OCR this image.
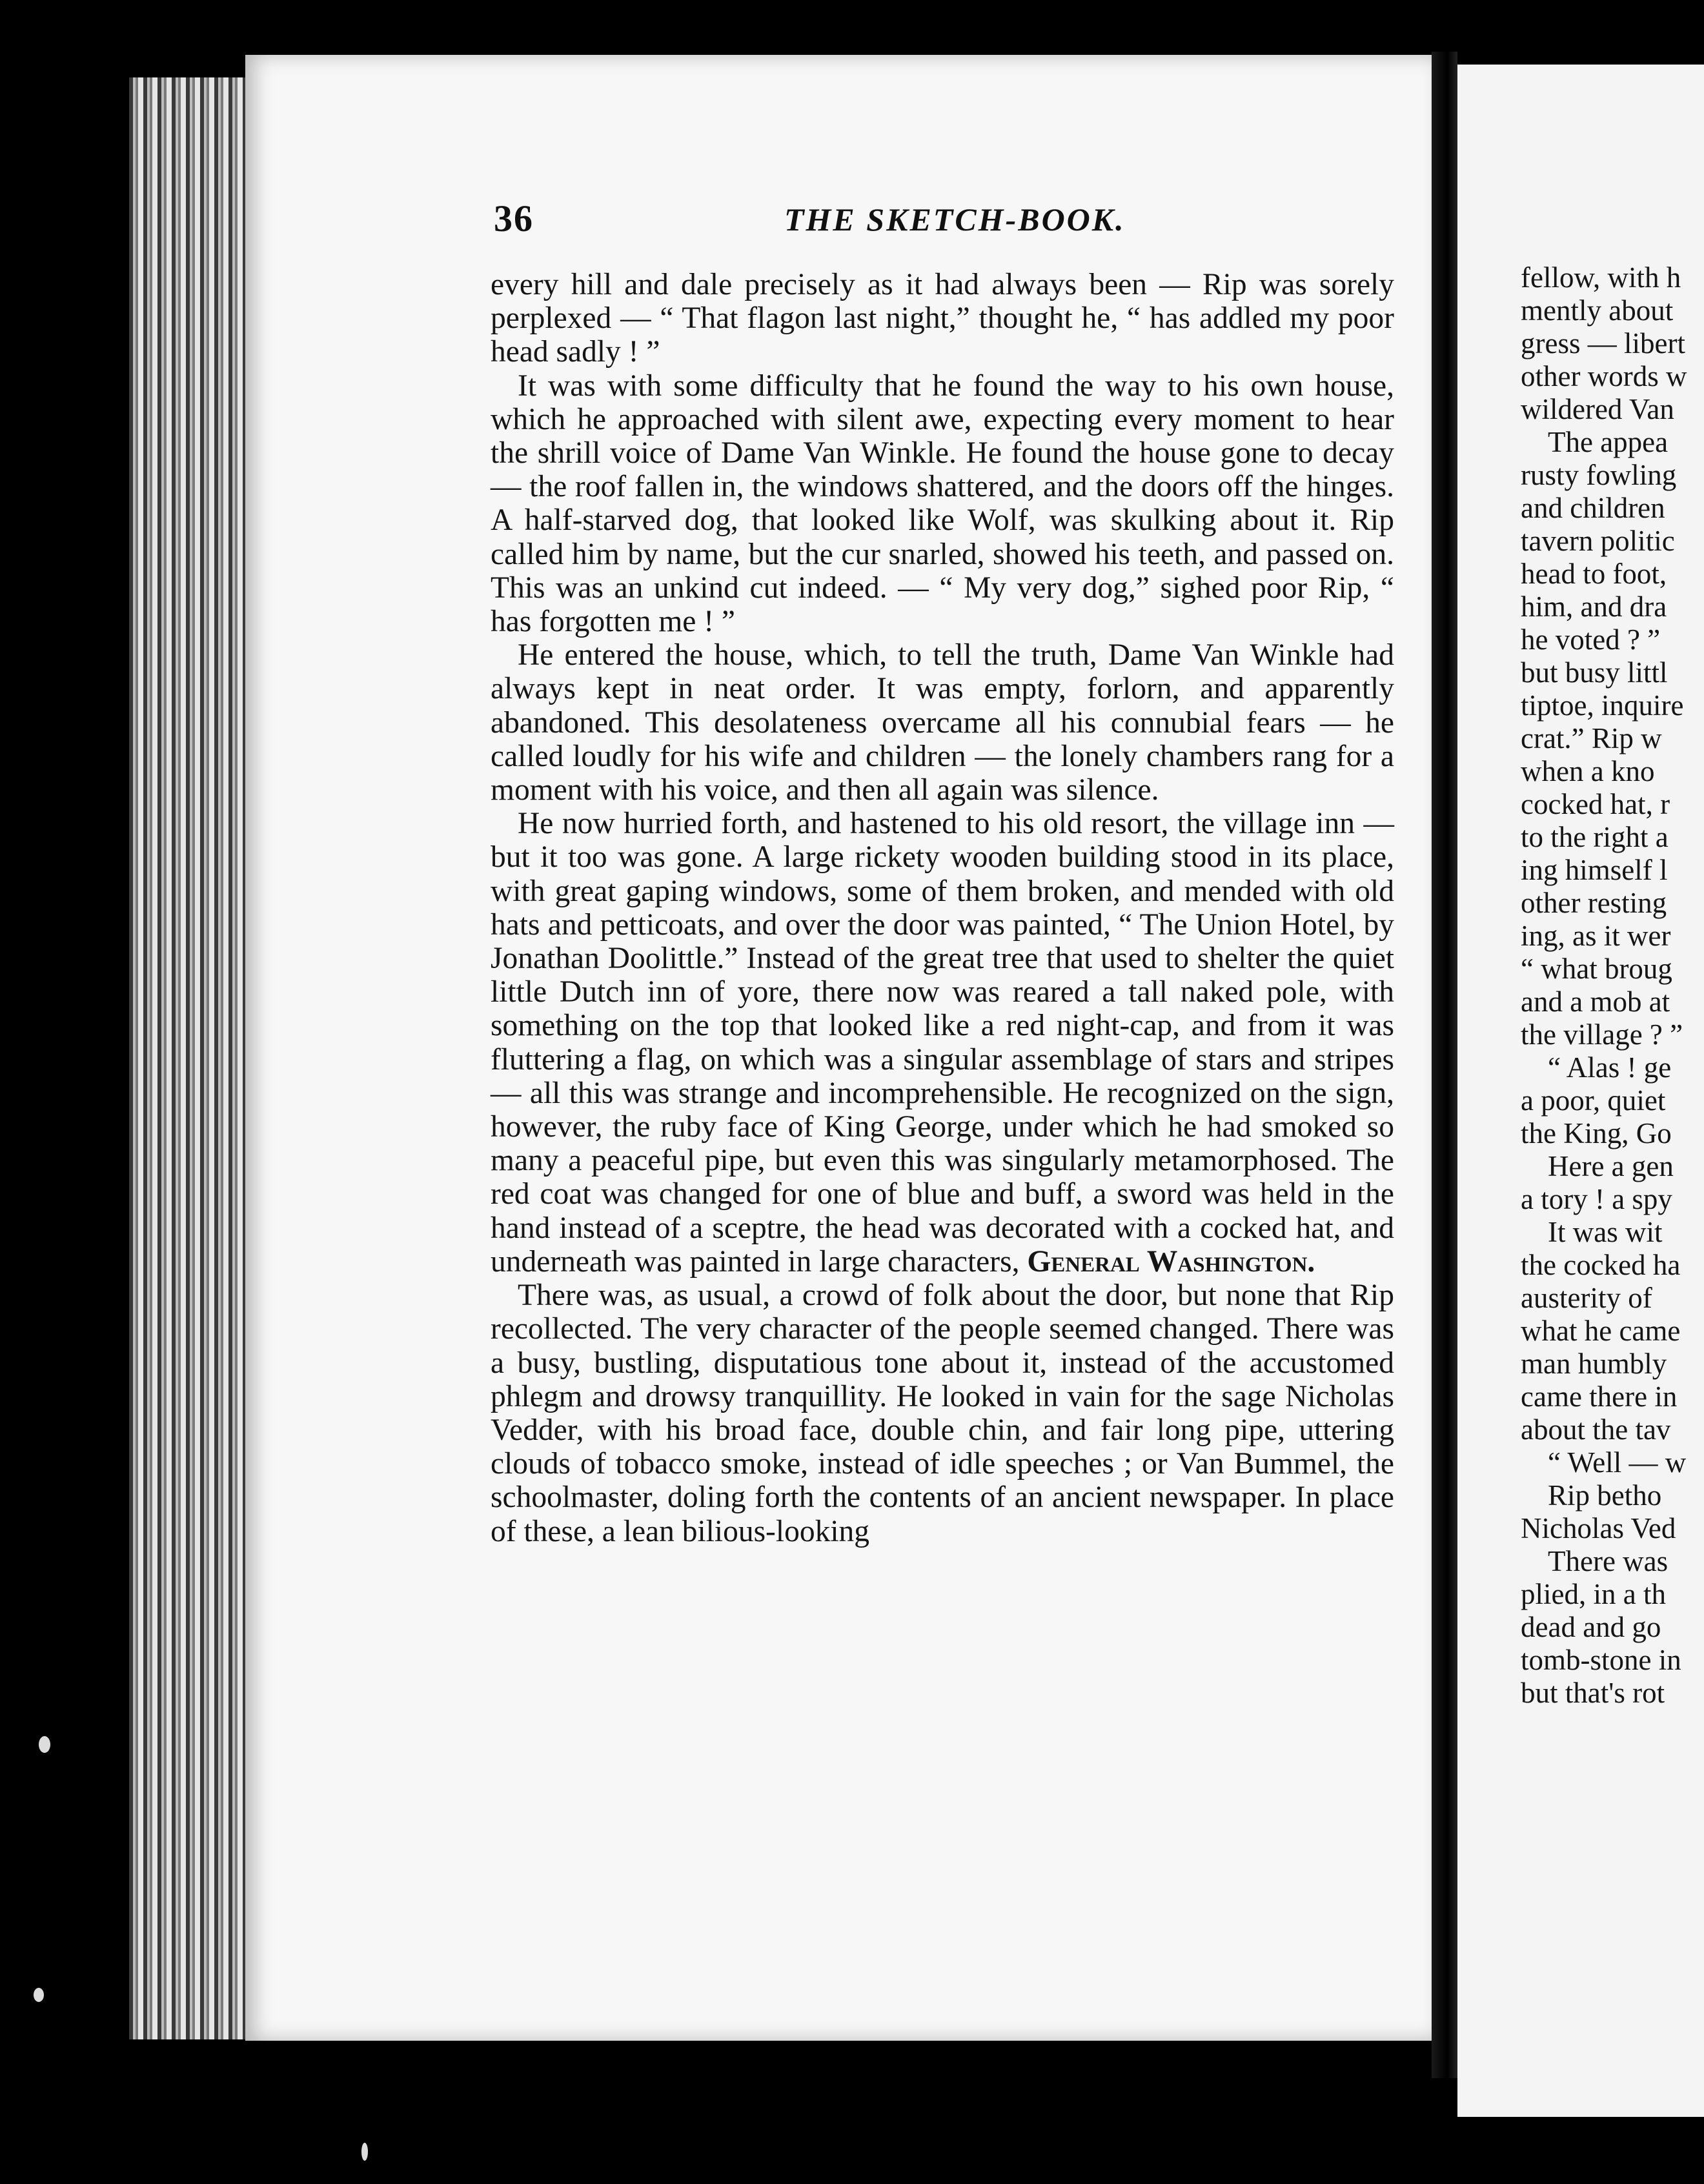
36	THE SKETCH-BOOK.

every hill and dale precisely as it had always been — Rip was sorely perplexed — “ That flagon last night,” thought he, “ has addled my poor head sadly ! ”

It was with some difficulty that he found the way to his own house, which he approached with silent awe, expecting every moment to hear the shrill voice of Dame Van Winkle. He found the house gone to decay — the roof fallen in, the windows shattered, and the doors off the hinges. A half-starved dog, that looked like Wolf, was skulking about it. Rip called him by name, but the cur snarled, showed his teeth, and passed on. This was an unkind cut indeed. — “ My very dog,” sighed poor Rip, “ has forgotten me ! ”

He entered the house, which, to tell the truth, Dame Van Winkle had always kept in neat order. It was empty, forlorn, and apparently abandoned. This desolateness overcame all his connubial fears — he called loudly for his wife and children — the lonely chambers rang for a moment with his voice, and then all again was silence.

He now hurried forth, and hastened to his old resort, the village inn — but it too was gone. A large rickety wooden building stood in its place, with great gaping windows, some of them broken, and mended with old hats and petticoats, and over the door was painted, “ The Union Hotel, by Jonathan Doolittle.” Instead of the great tree that used to shelter the quiet little Dutch inn of yore, there now was reared a tall naked pole, with something on the top that looked like a red night-cap, and from it was fluttering a flag, on which was a singular assemblage of stars and stripes — all this was strange and incomprehensible. He recognized on the sign, however, the ruby face of King George, under which he had smoked so many a peaceful pipe, but even this was singularly metamorphosed. The red coat was changed for one of blue and buff, a sword was held in the hand instead of a sceptre, the head was decorated with a cocked hat, and underneath was painted in large characters, General Washington.

There was, as usual, a crowd of folk about the door, but none that Rip recollected. The very character of the people seemed changed. There was a busy, bustling, disputatious tone about it, instead of the accustomed phlegm and drowsy tranquillity. He looked in vain for the sage Nicholas Vedder, with his broad face, double chin, and fair long pipe, uttering clouds of tobacco smoke, instead of idle speeches ; or Van Bummel, the schoolmaster, doling forth the contents of an ancient newspaper. In place of these, a lean bilious-looking

fellow, with h
mently about
gress — libert
other words w
wildered Van
The appea
rusty fowling
and children
tavern politic
head to foot,
him, and dra
he voted ? ”
but busy littl
tiptoe, inquire
crat.” Rip w
when a kno
cocked hat, r
to the right a
ing himself l
other resting
ing, as it wer
“ what broug
and a mob at
the village ? ”
“ Alas ! ge
a poor, quiet
the King, Go
Here a gen
a tory ! a spy
It was wit
the cocked ha
austerity of
what he came
man humbly
came there in
about the tav
“ Well — w
Rip betho
Nicholas Ved
There was
plied, in a th
dead and go
tomb-stone in
but that's rot
